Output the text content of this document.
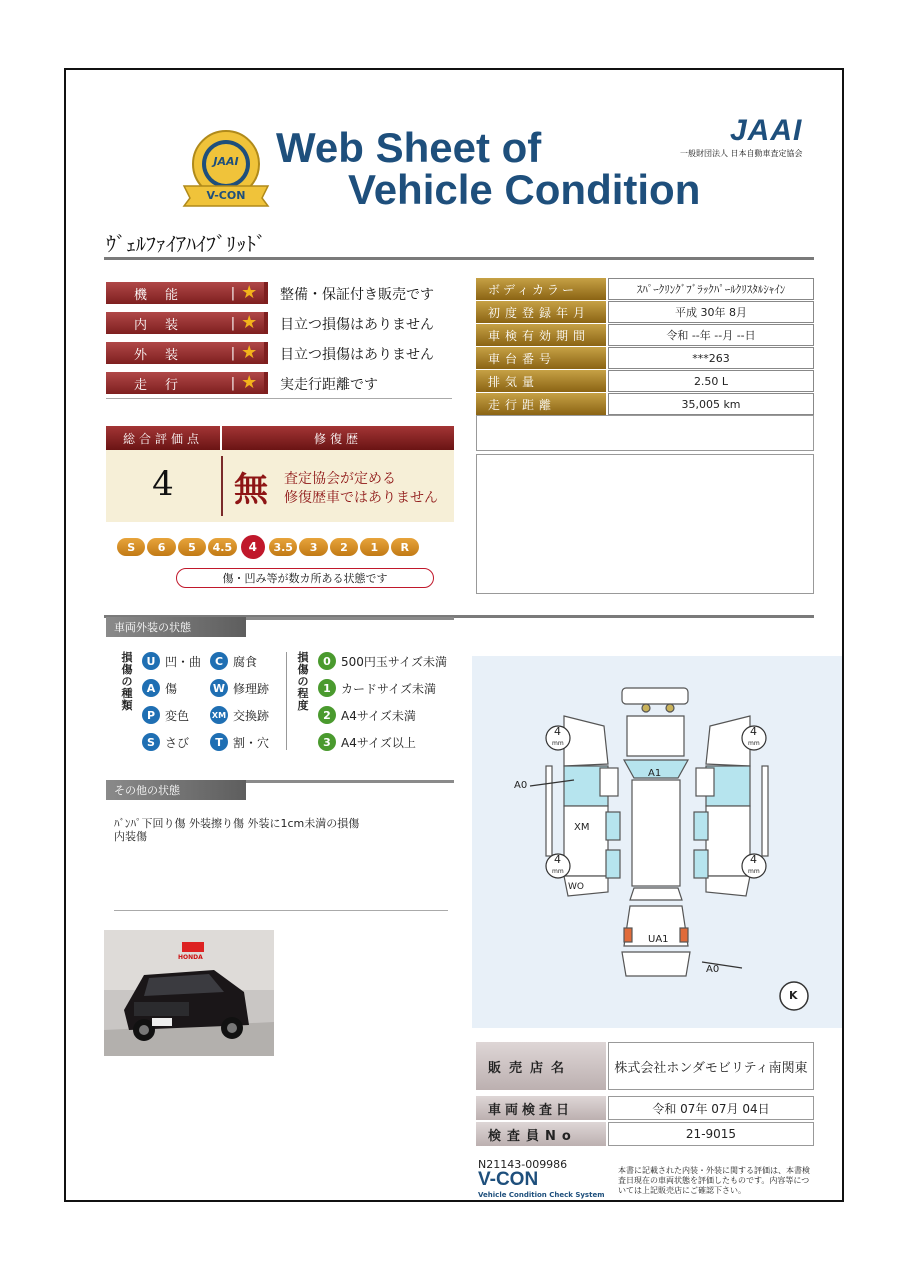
JAAI
V-CON
Web Sheet of
Vehicle Condition
JAAI
一般財団法人 日本自動車査定協会
ｳﾞｪﾙﾌｧｲｱﾊｲﾌﾞﾘｯﾄﾞ
機能	| ★ 整備・保証付き販売です
内装	| ★ 目立つ損傷はありません
外装	| ★ 目立つ損傷はありません
走行	| ★ 実走行距離です
ボディカラー	ｽﾊﾟｰｸﾘﾝｸﾞﾌﾞﾗｯｸﾊﾟｰﾙｸﾘｽﾀﾙｼｬｲﾝ
初度登録年月	平成 30年 8月
車検有効期間	令和 --年 --月 --日
車台番号	***263
排気量	2.50 L
走行距離	35,005 km
総合評価点	修復歴
4	無 査定協会が定める
修復歴車ではありません
S	6	5	4.5	4	3.5	3	2	1	R
傷・凹み等が数カ所ある状態です
車両外装の状態
損傷の種類
U 凹・曲	C 腐食
A 傷	W 修理跡
P 変色	XM 交換跡
S さび	T 割・穴
損傷の程度
0 500円玉サイズ未満
1 カードサイズ未満
2 A4サイズ未満
3 A4サイズ以上
その他の状態
ﾊﾞﾝﾊﾟ下回り傷 外装擦り傷 外装に1cm未満の損傷
内装傷
HONDA
4
mm
4
mm
4
mm
4
mm
A0
A1
XM
WO
UA1
A0
K
販売店名	株式会社ホンダモビリティ南関東
車両検査日	令和 07年 07月 04日
検査員No	21-9015
N21143-009986
V-CON
Vehicle Condition Check System
本書に記載された内装・外装に関する評価は、本書検査日現在の車両状態を評価したものです。内容等については上記販売店にご確認下さい。
